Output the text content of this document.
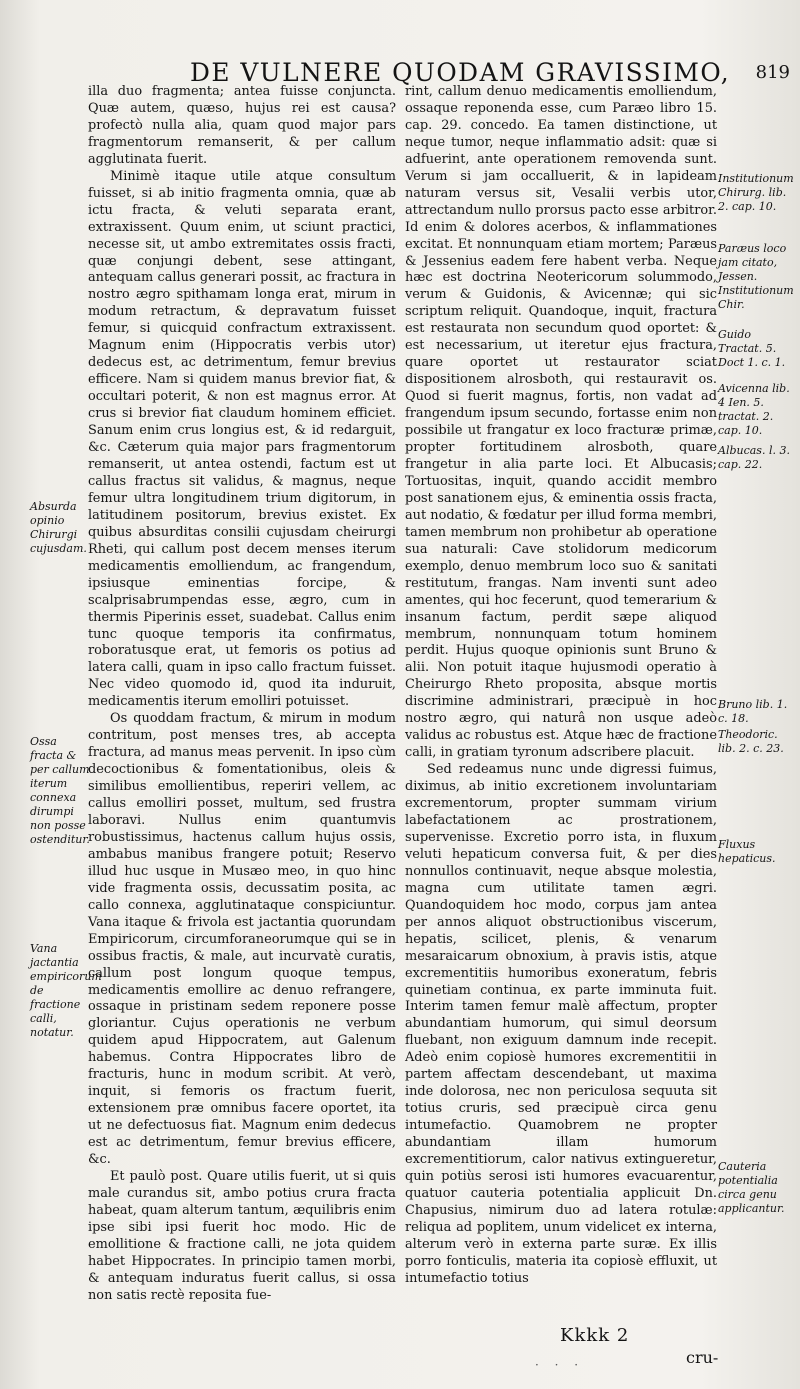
DE VULNERE QUODAM GRAVISSIMO, 819

illa duo fragmenta; antea fuisse conjuncta. Quæ autem, quæso, hujus rei est causa? profectò nulla alia, quam quod major pars fragmentorum remanserit, & per callum agglutinata fuerit.

Minimè itaque utile atque consultum fuisset, si ab initio fragmenta omnia, quæ ab ictu fracta, & veluti separata erant, extraxissent. Quum enim, ut sciunt practici, necesse sit, ut ambo extremitates ossis fracti, quæ conjungi debent, sese attingant, antequam callus generari possit, ac fractura in nostro ægro spithamam longa erat, mirum in modum retractum, & depravatum fuisset femur, si quicquid confractum extraxissent. Magnum enim (Hippocratis verbis utor) dedecus est, ac detrimentum, femur brevius efficere. Nam si quidem manus brevior fiat, & occultari poterit, & non est magnus error. At crus si brevior fiat claudum hominem efficiet. Sanum enim crus longius est, & id redarguit, &c. Cæterum quia major pars fragmentorum remanserit, ut antea ostendi, factum est ut callus fractus sit validus, & magnus, neque femur ultra longitudinem trium digitorum, in latitudinem positorum, brevius existet. Ex quibus absurditas consilii cujusdam cheirurgi Rheti, qui callum post decem menses iterum medicamentis emolliendum, ac frangendum, ipsiusque eminentias forcipe, & scalprisabrumpendas esse, ægro, cum in thermis Piperinis esset, suadebat. Callus enim tunc quoque temporis ita confirmatus, roboratusque erat, ut femoris os potius ad latera calli, quam in ipso callo fractum fuisset. Nec video quomodo id, quod ita induruit, medicamentis iterum emolliri potuisset.

Os quoddam fractum, & mirum in modum contritum, post menses tres, ab accepta fractura, ad manus meas pervenit. In ipso cùm decoctionibus & fomentationibus, oleis & similibus emollientibus, reperiri vellem, ac callus emolliri posset, multum, sed frustra laboravi. Nullus enim quantumvis robustissimus, hactenus callum hujus ossis, ambabus manibus frangere potuit; Reservo illud huc usque in Musæo meo, in quo hinc vide fragmenta ossis, decussatim posita, ac callo connexa, agglutinataque conspiciuntur. Vana itaque & frivola est jactantia quorundam Empiricorum, circumforaneorumque qui se in ossibus fractis, & male, aut incurvatè curatis, callum post longum quoque tempus, medicamentis emollire ac denuo refrangere, ossaque in pristinam sedem reponere posse gloriantur. Cujus operationis ne verbum quidem apud Hippocratem, aut Galenum habemus. Contra Hippocrates libro de fracturis, hunc in modum scribit. At verò, inquit, si femoris os fractum fuerit, extensionem præ omnibus facere oportet, ita ut ne defectuosus fiat. Magnum enim dedecus est ac detrimentum, femur brevius efficere, &c.

Et paulò post. Quare utilis fuerit, ut si quis male curandus sit, ambo potius crura fracta habeat, quam alterum tantum, æquilibris enim ipse sibi ipsi fuerit hoc modo. Hic de emollitione & fractione calli, ne jota quidem habet Hippocrates. In principio tamen morbi, & antequam induratus fuerit callus, si ossa non satis rectè reposita fue-

rint, callum denuo medicamentis emolliendum, ossaque reponenda esse, cum Paræo libro 15. cap. 29. concedo. Ea tamen distinctione, ut neque tumor, neque inflammatio adsit: quæ si adfuerint, ante operationem removenda sunt. Verum si jam occalluerit, & in lapideam naturam versus sit, Vesalii verbis utor, attrectandum nullo prorsus pacto esse arbitror. Id enim & dolores acerbos, & inflammationes excitat. Et nonnunquam etiam mortem; Paræus & Jessenius eadem fere habent verba. Neque hæc est doctrina Neotericorum solummodo, verum & Guidonis, & Avicennæ; qui sic scriptum reliquit. Quandoque, inquit, fractura est restaurata non secundum quod oportet: & est necessarium, ut iteretur ejus fractura, quare oportet ut restaurator sciat dispositionem alrosboth, qui restauravit os. Quod si fuerit magnus, fortis, non vadat ad frangendum ipsum secundo, fortasse enim non possibile ut frangatur ex loco fracturæ primæ, propter fortitudinem alrosboth, quare frangetur in alia parte loci. Et Albucasis; Tortuositas, inquit, quando accidit membro post sanationem ejus, & eminentia ossis fracta, aut nodatio, & fœdatur per illud forma membri, tamen membrum non prohibetur ab operatione sua naturali: Cave stolidorum medicorum exemplo, denuo membrum loco suo & sanitati restitutum, frangas. Nam inventi sunt adeo amentes, qui hoc fecerunt, quod temerarium & insanum factum, perdit sæpe aliquod membrum, nonnunquam totum hominem perdit. Hujus quoque opinionis sunt Bruno & alii. Non potuit itaque hujusmodi operatio à Cheirurgo Rheto proposita, absque mortis discrimine administrari, præcipuè in hoc nostro ægro, qui naturâ non usque adeò validus ac robustus est. Atque hæc de fractione calli, in gratiam tyronum adscribere placuit.

Sed redeamus nunc unde digressi fuimus, diximus, ab initio excretionem involuntariam excrementorum, propter summam virium labefactationem ac prostrationem, supervenisse. Excretio porro ista, in fluxum veluti hepaticum conversa fuit, & per dies nonnullos continuavit, neque absque molestia, magna cum utilitate tamen ægri. Quandoquidem hoc modo, corpus jam antea per annos aliquot obstructionibus viscerum, hepatis, scilicet, plenis, & venarum mesaraicarum obnoxium, à pravis istis, atque excrementitiis humoribus exoneratum, febris quinetiam continua, ex parte imminuta fuit. Interim tamen femur malè affectum, propter abundantiam humorum, qui simul deorsum fluebant, non exiguum damnum inde recepit. Adeò enim copiosè humores excrementitii in partem affectam descendebant, ut maxima inde dolorosa, nec non periculosa sequuta sit totius cruris, sed præcipuè circa genu intumefactio. Quamobrem ne propter abundantiam illam humorum excrementitiorum, calor nativus extingueretur, quin potiùs serosi isti humores evacuarentur, quatuor cauteria potentialia applicuit Dn. Chapusius, nimirum duo ad latera rotulæ: reliqua ad poplitem, unum videlicet ex interna, alterum verò in externa parte suræ. Ex illis porro fonticulis, materia ita copiosè effluxit, ut intumefactio totius

Absurda opinio Chirurgi cujusdam.
Ossa fracta & per callum iterum connexa dirumpi non posse ostenditur.
Vana jactantia empiricorum de fractione calli, notatur.
Institutionum Chirurg. lib. 2. cap. 10.
Paræus loco jam citato, Jessen. Institutionum Chir.
Guido Tractat. 5. Doct 1. c. 1.
Avicenna lib. 4 Ien. 5. tractat. 2. cap. 10.
Albucas. l. 3. cap. 22.
Bruno lib. 1. c. 18.
Theodoric. lib. 2. c. 23.
Fluxus hepaticus.
Cauteria potentialia circa genu applicantur.
Kkkk 2
cru-
· · ·
